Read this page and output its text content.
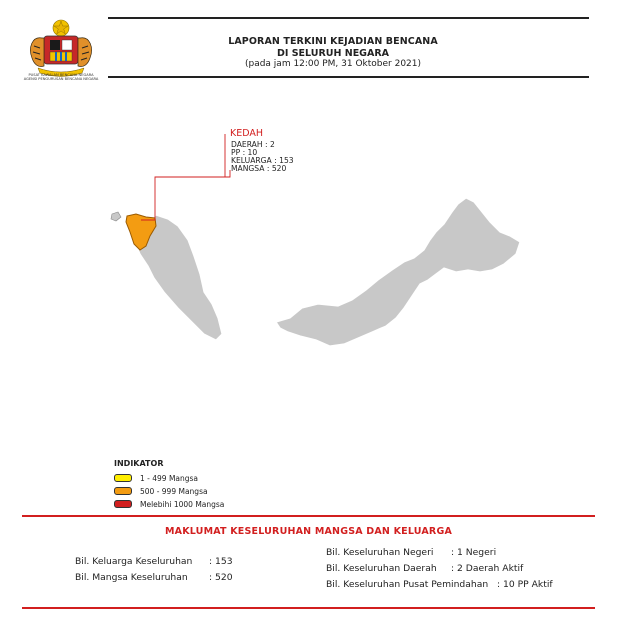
PUSAT KAWALAN BENCANA NEGARA
AGENSI PENGURUSAN BENCANA NEGARA
LAPORAN TERKINI KEJADIAN BENCANA
DI SELURUH NEGARA
(pada jam 12:00 PM, 31 Oktober 2021)
KEDAH
DAERAH : 2
PP : 10
KELUARGA : 153
MANGSA : 520
INDIKATOR
1 - 499 Mangsa
500 - 999 Mangsa
Melebihi 1000 Mangsa
MAKLUMAT KESELURUHAN MANGSA DAN KELUARGA
Bil. Keluarga Keseluruhan : 153
Bil. Mangsa Keseluruhan : 520
Bil. Keseluruhan Negeri : 1 Negeri
Bil. Keseluruhan Daerah : 2 Daerah Aktif
Bil. Keseluruhan Pusat Pemindahan : 10 PP Aktif
